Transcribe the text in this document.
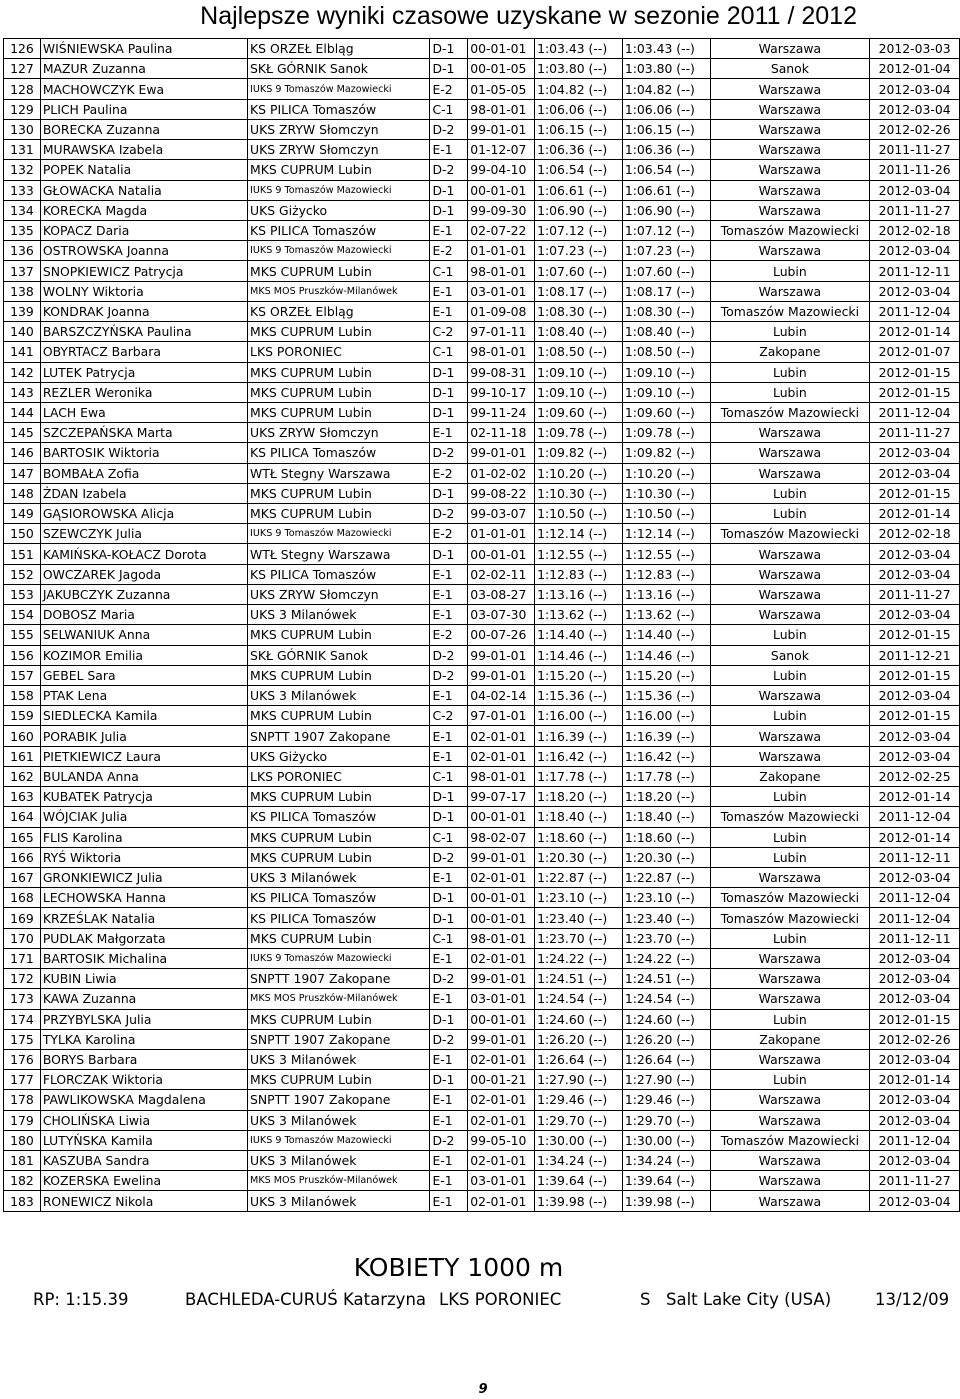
Najlepsze wyniki czasowe uzyskane w sezonie 2011 / 2012
126	WIŚNIEWSKA Paulina	KS ORZEŁ Elbląg	D-1	00-01-01	1:03.43 (--)	1:03.43 (--)	Warszawa	2012-03-03
127	MAZUR Zuzanna	SKŁ GÓRNIK Sanok	D-1	00-01-05	1:03.80 (--)	1:03.80 (--)	Sanok	2012-01-04
128	MACHOWCZYK Ewa	IUKS 9 Tomaszów Mazowiecki	E-2	01-05-05	1:04.82 (--)	1:04.82 (--)	Warszawa	2012-03-04
129	PLICH Paulina	KS PILICA Tomaszów	C-1	98-01-01	1:06.06 (--)	1:06.06 (--)	Warszawa	2012-03-04
130	BORECKA Zuzanna	UKS ZRYW Słomczyn	D-2	99-01-01	1:06.15 (--)	1:06.15 (--)	Warszawa	2012-02-26
131	MURAWSKA Izabela	UKS ZRYW Słomczyn	E-1	01-12-07	1:06.36 (--)	1:06.36 (--)	Warszawa	2011-11-27
132	POPEK Natalia	MKS CUPRUM Lubin	D-2	99-04-10	1:06.54 (--)	1:06.54 (--)	Warszawa	2011-11-26
133	GŁOWACKA Natalia	IUKS 9 Tomaszów Mazowiecki	D-1	00-01-01	1:06.61 (--)	1:06.61 (--)	Warszawa	2012-03-04
134	KORECKA Magda	UKS Giżycko	D-1	99-09-30	1:06.90 (--)	1:06.90 (--)	Warszawa	2011-11-27
135	KOPACZ Daria	KS PILICA Tomaszów	E-1	02-07-22	1:07.12 (--)	1:07.12 (--)	Tomaszów Mazowiecki	2012-02-18
136	OSTROWSKA Joanna	IUKS 9 Tomaszów Mazowiecki	E-2	01-01-01	1:07.23 (--)	1:07.23 (--)	Warszawa	2012-03-04
137	SNOPKIEWICZ Patrycja	MKS CUPRUM Lubin	C-1	98-01-01	1:07.60 (--)	1:07.60 (--)	Lubin	2011-12-11
138	WOLNY Wiktoria	MKS MOS Pruszków-Milanówek	E-1	03-01-01	1:08.17 (--)	1:08.17 (--)	Warszawa	2012-03-04
139	KONDRAK Joanna	KS ORZEŁ Elbląg	E-1	01-09-08	1:08.30 (--)	1:08.30 (--)	Tomaszów Mazowiecki	2011-12-04
140	BARSZCZYŃSKA Paulina	MKS CUPRUM Lubin	C-2	97-01-11	1:08.40 (--)	1:08.40 (--)	Lubin	2012-01-14
141	OBYRTACZ Barbara	LKS PORONIEC	C-1	98-01-01	1:08.50 (--)	1:08.50 (--)	Zakopane	2012-01-07
142	LUTEK Patrycja	MKS CUPRUM Lubin	D-1	99-08-31	1:09.10 (--)	1:09.10 (--)	Lubin	2012-01-15
143	REZLER Weronika	MKS CUPRUM Lubin	D-1	99-10-17	1:09.10 (--)	1:09.10 (--)	Lubin	2012-01-15
144	LACH Ewa	MKS CUPRUM Lubin	D-1	99-11-24	1:09.60 (--)	1:09.60 (--)	Tomaszów Mazowiecki	2011-12-04
145	SZCZEPAŃSKA Marta	UKS ZRYW Słomczyn	E-1	02-11-18	1:09.78 (--)	1:09.78 (--)	Warszawa	2011-11-27
146	BARTOSIK Wiktoria	KS PILICA Tomaszów	D-2	99-01-01	1:09.82 (--)	1:09.82 (--)	Warszawa	2012-03-04
147	BOMBAŁA Zofia	WTŁ Stegny Warszawa	E-2	01-02-02	1:10.20 (--)	1:10.20 (--)	Warszawa	2012-03-04
148	ŻDAN Izabela	MKS CUPRUM Lubin	D-1	99-08-22	1:10.30 (--)	1:10.30 (--)	Lubin	2012-01-15
149	GĄSIOROWSKA Alicja	MKS CUPRUM Lubin	D-2	99-03-07	1:10.50 (--)	1:10.50 (--)	Lubin	2012-01-14
150	SZEWCZYK Julia	IUKS 9 Tomaszów Mazowiecki	E-2	01-01-01	1:12.14 (--)	1:12.14 (--)	Tomaszów Mazowiecki	2012-02-18
151	KAMIŃSKA-KOŁACZ Dorota	WTŁ Stegny Warszawa	D-1	00-01-01	1:12.55 (--)	1:12.55 (--)	Warszawa	2012-03-04
152	OWCZAREK Jagoda	KS PILICA Tomaszów	E-1	02-02-11	1:12.83 (--)	1:12.83 (--)	Warszawa	2012-03-04
153	JAKUBCZYK Zuzanna	UKS ZRYW Słomczyn	E-1	03-08-27	1:13.16 (--)	1:13.16 (--)	Warszawa	2011-11-27
154	DOBOSZ Maria	UKS 3 Milanówek	E-1	03-07-30	1:13.62 (--)	1:13.62 (--)	Warszawa	2012-03-04
155	SELWANIUK Anna	MKS CUPRUM Lubin	E-2	00-07-26	1:14.40 (--)	1:14.40 (--)	Lubin	2012-01-15
156	KOZIMOR Emilia	SKŁ GÓRNIK Sanok	D-2	99-01-01	1:14.46 (--)	1:14.46 (--)	Sanok	2011-12-21
157	GEBEL Sara	MKS CUPRUM Lubin	D-2	99-01-01	1:15.20 (--)	1:15.20 (--)	Lubin	2012-01-15
158	PTAK Lena	UKS 3 Milanówek	E-1	04-02-14	1:15.36 (--)	1:15.36 (--)	Warszawa	2012-03-04
159	SIEDLECKA Kamila	MKS CUPRUM Lubin	C-2	97-01-01	1:16.00 (--)	1:16.00 (--)	Lubin	2012-01-15
160	PORABIK Julia	SNPTT 1907 Zakopane	E-1	02-01-01	1:16.39 (--)	1:16.39 (--)	Warszawa	2012-03-04
161	PIETKIEWICZ Laura	UKS Giżycko	E-1	02-01-01	1:16.42 (--)	1:16.42 (--)	Warszawa	2012-03-04
162	BULANDA Anna	LKS PORONIEC	C-1	98-01-01	1:17.78 (--)	1:17.78 (--)	Zakopane	2012-02-25
163	KUBATEK Patrycja	MKS CUPRUM Lubin	D-1	99-07-17	1:18.20 (--)	1:18.20 (--)	Lubin	2012-01-14
164	WÓJCIAK Julia	KS PILICA Tomaszów	D-1	00-01-01	1:18.40 (--)	1:18.40 (--)	Tomaszów Mazowiecki	2011-12-04
165	FLIS Karolina	MKS CUPRUM Lubin	C-1	98-02-07	1:18.60 (--)	1:18.60 (--)	Lubin	2012-01-14
166	RYŚ Wiktoria	MKS CUPRUM Lubin	D-2	99-01-01	1:20.30 (--)	1:20.30 (--)	Lubin	2011-12-11
167	GRONKIEWICZ Julia	UKS 3 Milanówek	E-1	02-01-01	1:22.87 (--)	1:22.87 (--)	Warszawa	2012-03-04
168	LECHOWSKA Hanna	KS PILICA Tomaszów	D-1	00-01-01	1:23.10 (--)	1:23.10 (--)	Tomaszów Mazowiecki	2011-12-04
169	KRZEŚLAK Natalia	KS PILICA Tomaszów	D-1	00-01-01	1:23.40 (--)	1:23.40 (--)	Tomaszów Mazowiecki	2011-12-04
170	PUDLAK Małgorzata	MKS CUPRUM Lubin	C-1	98-01-01	1:23.70 (--)	1:23.70 (--)	Lubin	2011-12-11
171	BARTOSIK Michalina	IUKS 9 Tomaszów Mazowiecki	E-1	02-01-01	1:24.22 (--)	1:24.22 (--)	Warszawa	2012-03-04
172	KUBIN Liwia	SNPTT 1907 Zakopane	D-2	99-01-01	1:24.51 (--)	1:24.51 (--)	Warszawa	2012-03-04
173	KAWA Zuzanna	MKS MOS Pruszków-Milanówek	E-1	03-01-01	1:24.54 (--)	1:24.54 (--)	Warszawa	2012-03-04
174	PRZYBYLSKA Julia	MKS CUPRUM Lubin	D-1	00-01-01	1:24.60 (--)	1:24.60 (--)	Lubin	2012-01-15
175	TYLKA Karolina	SNPTT 1907 Zakopane	D-2	99-01-01	1:26.20 (--)	1:26.20 (--)	Zakopane	2012-02-26
176	BORYS Barbara	UKS 3 Milanówek	E-1	02-01-01	1:26.64 (--)	1:26.64 (--)	Warszawa	2012-03-04
177	FLORCZAK Wiktoria	MKS CUPRUM Lubin	D-1	00-01-21	1:27.90 (--)	1:27.90 (--)	Lubin	2012-01-14
178	PAWLIKOWSKA Magdalena	SNPTT 1907 Zakopane	E-1	02-01-01	1:29.46 (--)	1:29.46 (--)	Warszawa	2012-03-04
179	CHOLIŃSKA Liwia	UKS 3 Milanówek	E-1	02-01-01	1:29.70 (--)	1:29.70 (--)	Warszawa	2012-03-04
180	LUTYŃSKA Kamila	IUKS 9 Tomaszów Mazowiecki	D-2	99-05-10	1:30.00 (--)	1:30.00 (--)	Tomaszów Mazowiecki	2011-12-04
181	KASZUBA Sandra	UKS 3 Milanówek	E-1	02-01-01	1:34.24 (--)	1:34.24 (--)	Warszawa	2012-03-04
182	KOZERSKA Ewelina	MKS MOS Pruszków-Milanówek	E-1	03-01-01	1:39.64 (--)	1:39.64 (--)	Warszawa	2011-11-27
183	RONEWICZ Nikola	UKS 3 Milanówek	E-1	02-01-01	1:39.98 (--)	1:39.98 (--)	Warszawa	2012-03-04
KOBIETY 1000 m
RP: 1:15.39	BACHLEDA-CURUŚ Katarzyna LKS PORONIEC	S Salt Lake City (USA)	13/12/09
9
